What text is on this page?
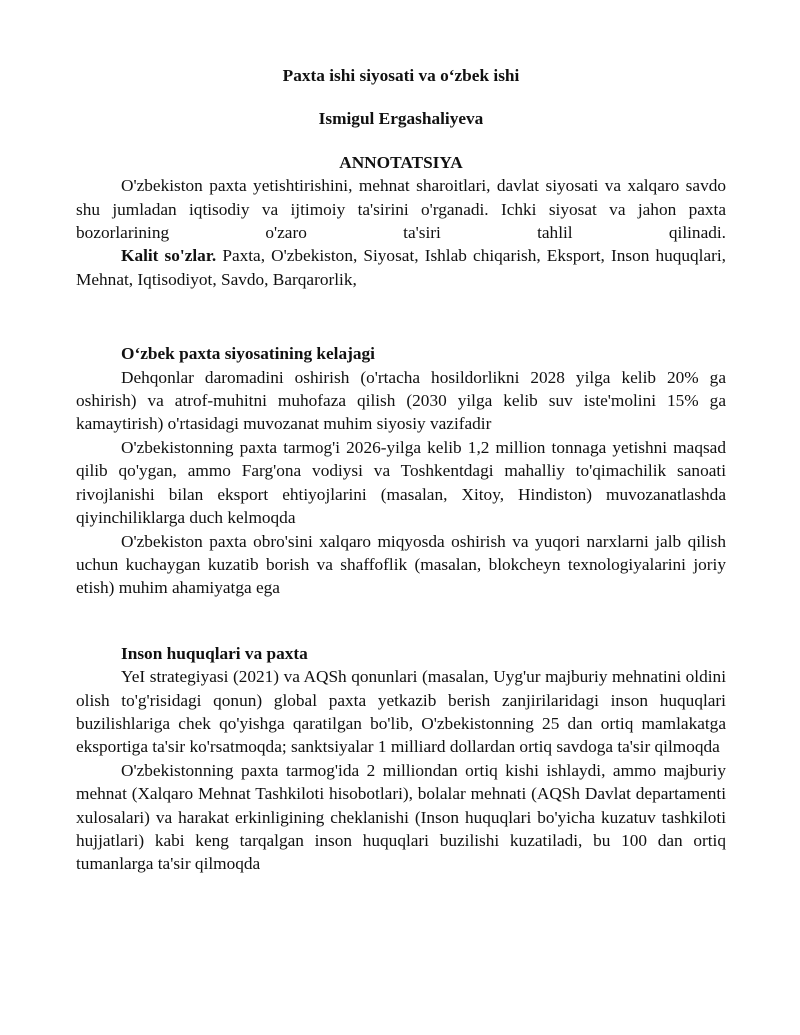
Paxta ishi siyosati va o‘zbek ishi

Ismigul Ergashaliyeva

ANNOTATSIYA

O'zbekiston paxta yetishtirishini, mehnat sharoitlari, davlat siyosati va xalqaro savdo shu jumladan iqtisodiy va ijtimoiy ta'sirini o'rganadi. Ichki siyosat va jahon paxta bozorlarining o'zaro ta'siri tahlil qilinadi.

Kalit so'zlar. Paxta, O'zbekiston, Siyosat, Ishlab chiqarish, Eksport, Inson huquqlari, Mehnat, Iqtisodiyot, Savdo, Barqarorlik,

O‘zbek paxta siyosatining kelajagi

Dehqonlar daromadini oshirish (o'rtacha hosildorlikni 2028 yilga kelib 20% ga oshirish) va atrof-muhitni muhofaza qilish (2030 yilga kelib suv iste'molini 15% ga kamaytirish) o'rtasidagi muvozanat muhim siyosiy vazifadir

O'zbekistonning paxta tarmog'i 2026-yilga kelib 1,2 million tonnaga yetishni maqsad qilib qo'ygan, ammo Farg'ona vodiysi va Toshkentdagi mahalliy to'qimachilik sanoati rivojlanishi bilan eksport ehtiyojlarini (masalan, Xitoy, Hindiston) muvozanatlashda qiyinchiliklarga duch kelmoqda

O'zbekiston paxta obro'sini xalqaro miqyosda oshirish va yuqori narxlarni jalb qilish uchun kuchaygan kuzatib borish va shaffoflik (masalan, blokcheyn texnologiyalarini joriy etish) muhim ahamiyatga ega

Inson huquqlari va paxta

YeI strategiyasi (2021) va AQSh qonunlari (masalan, Uyg'ur majburiy mehnatini oldini olish to'g'risidagi qonun) global paxta yetkazib berish zanjirilaridagi inson huquqlari buzilishlariga chek qo'yishga qaratilgan bo'lib, O'zbekistonning 25 dan ortiq mamlakatga eksportiga ta'sir ko'rsatmoqda; sanktsiyalar 1 milliard dollardan ortiq savdoga ta'sir qilmoqda

O'zbekistonning paxta tarmog'ida 2 milliondan ortiq kishi ishlaydi, ammo majburiy mehnat (Xalqaro Mehnat Tashkiloti hisobotlari), bolalar mehnati (AQSh Davlat departamenti xulosalari) va harakat erkinligining cheklanishi (Inson huquqlari bo'yicha kuzatuv tashkiloti hujjatlari) kabi keng tarqalgan inson huquqlari buzilishi kuzatiladi, bu 100 dan ortiq tumanlarga ta'sir qilmoqda
